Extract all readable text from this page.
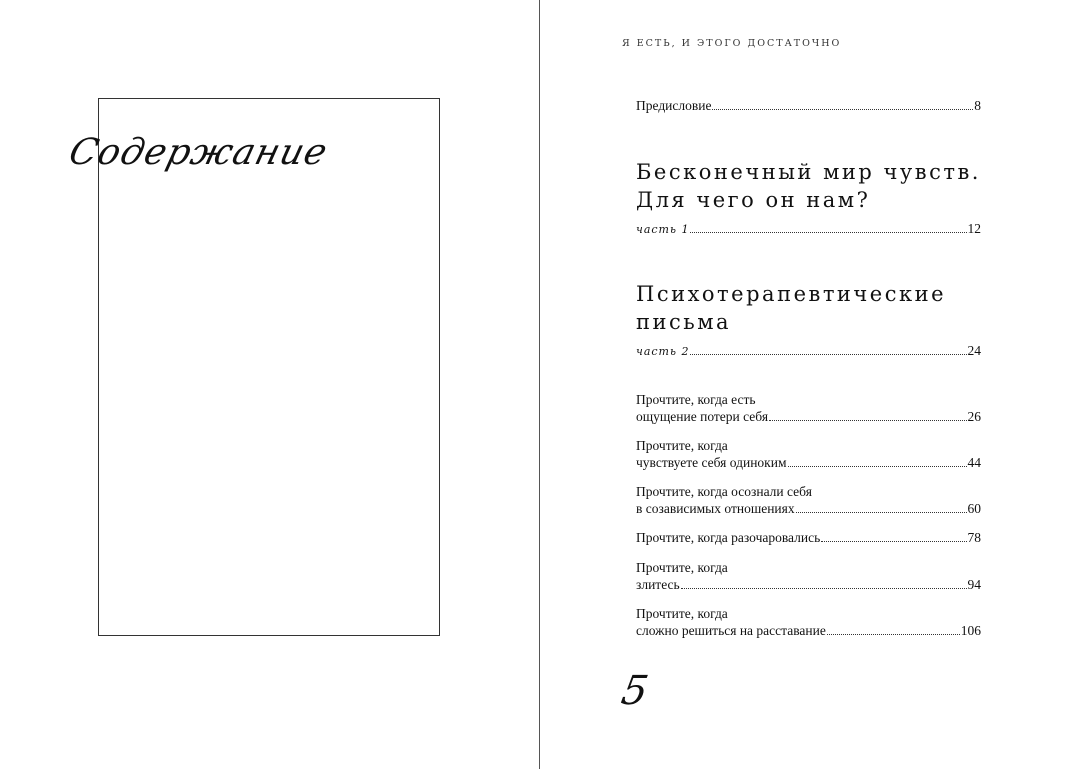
Содержание
Я ЕСТЬ, И ЭТОГО ДОСТАТОЧНО
Предисловие	8
Бесконечный мир чувств.
Для чего он нам?
часть 1	12
Психотерапевтические
письма
часть 2	24
Прочтите, когда есть
ощущение потери себя	26
Прочтите, когда
чувствуете себя одиноким	44
Прочтите, когда осознали себя
в созависимых отношениях	60
Прочтите, когда разочаровались	78
Прочтите, когда
злитесь	94
Прочтите, когда
сложно решиться на расставание	106
5
